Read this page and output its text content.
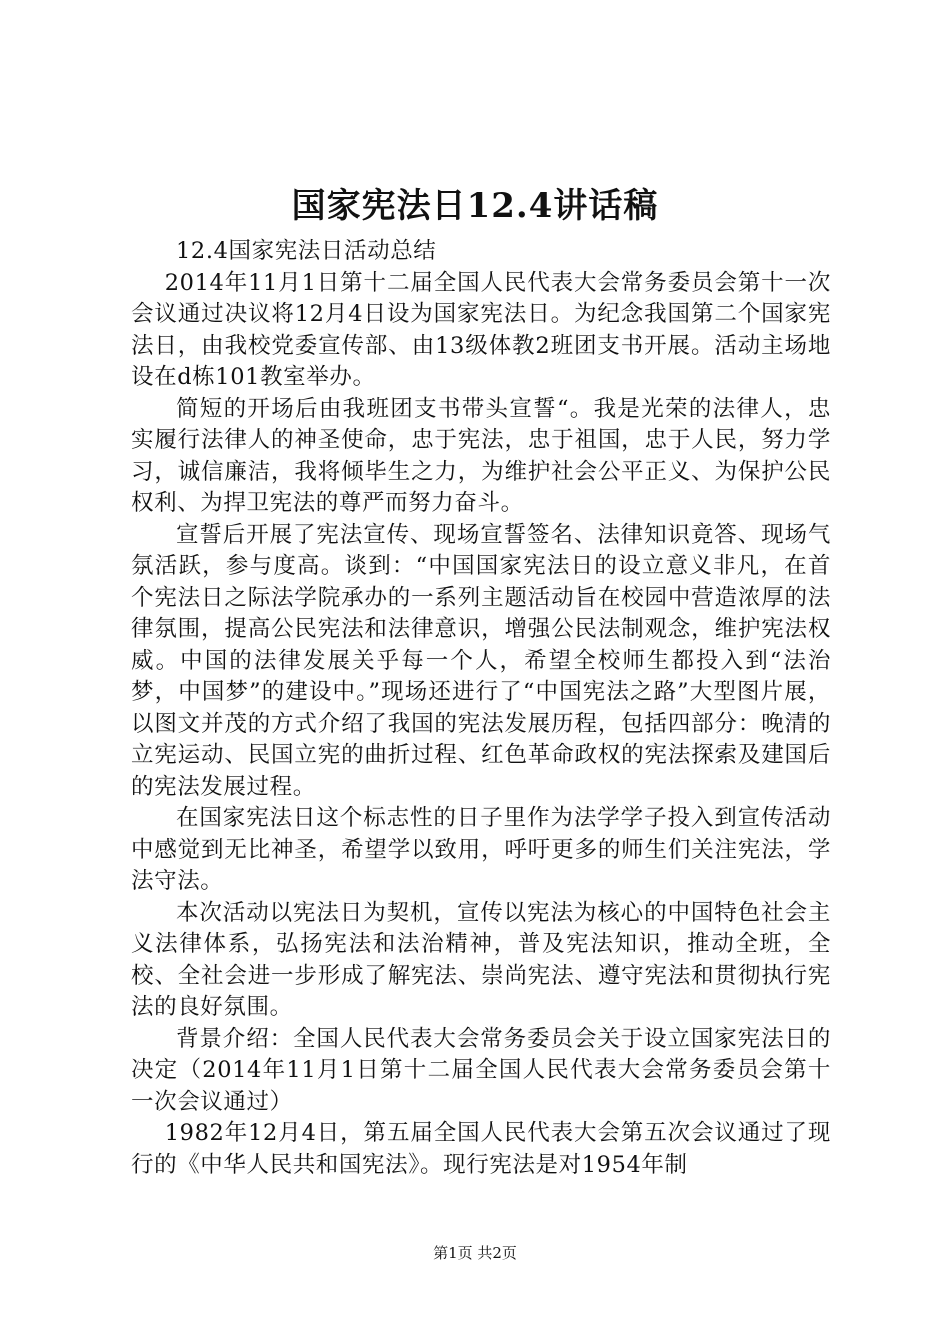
国家宪法日12.4讲话稿

12.4国家宪法日活动总结

2014年11月1日第十二届全国人民代表大会常务委员会第十一次会议通过决议将12月4日设为国家宪法日。为纪念我国第二个国家宪法日，由我校党委宣传部、由13级体教2班团支书开展。活动主场地设在d栋101教室举办。

简短的开场后由我班团支书带头宣誓“。我是光荣的法律人，忠实履行法律人的神圣使命，忠于宪法，忠于祖国，忠于人民，努力学习，诚信廉洁，我将倾毕生之力，为维护社会公平正义、为保护公民权利、为捍卫宪法的尊严而努力奋斗。

宣誓后开展了宪法宣传、现场宣誓签名、法律知识竟答、现场气氛活跃，参与度高。谈到：“中国国家宪法日的设立意义非凡，在首个宪法日之际法学院承办的一系列主题活动旨在校园中营造浓厚的法律氛围，提高公民宪法和法律意识，增强公民法制观念，维护宪法权威。中国的法律发展关乎每一个人，希望全校师生都投入到“法治梦，中国梦”的建设中。”现场还进行了“中国宪法之路”大型图片展，以图文并茂的方式介绍了我国的宪法发展历程，包括四部分：晚清的立宪运动、民国立宪的曲折过程、红色革命政权的宪法探索及建国后的宪法发展过程。

在国家宪法日这个标志性的日子里作为法学学子投入到宣传活动中感觉到无比神圣，希望学以致用，呼吁更多的师生们关注宪法，学法守法。

本次活动以宪法日为契机，宣传以宪法为核心的中国特色社会主义法律体系，弘扬宪法和法治精神，普及宪法知识，推动全班，全校、全社会进一步形成了解宪法、崇尚宪法、遵守宪法和贯彻执行宪法的良好氛围。

背景介绍：全国人民代表大会常务委员会关于设立国家宪法日的决定（2014年11月1日第十二届全国人民代表大会常务委员会第十一次会议通过）

1982年12月4日，第五届全国人民代表大会第五次会议通过了现行的《中华人民共和国宪法》。现行宪法是对1954年制

第1页 共2页
